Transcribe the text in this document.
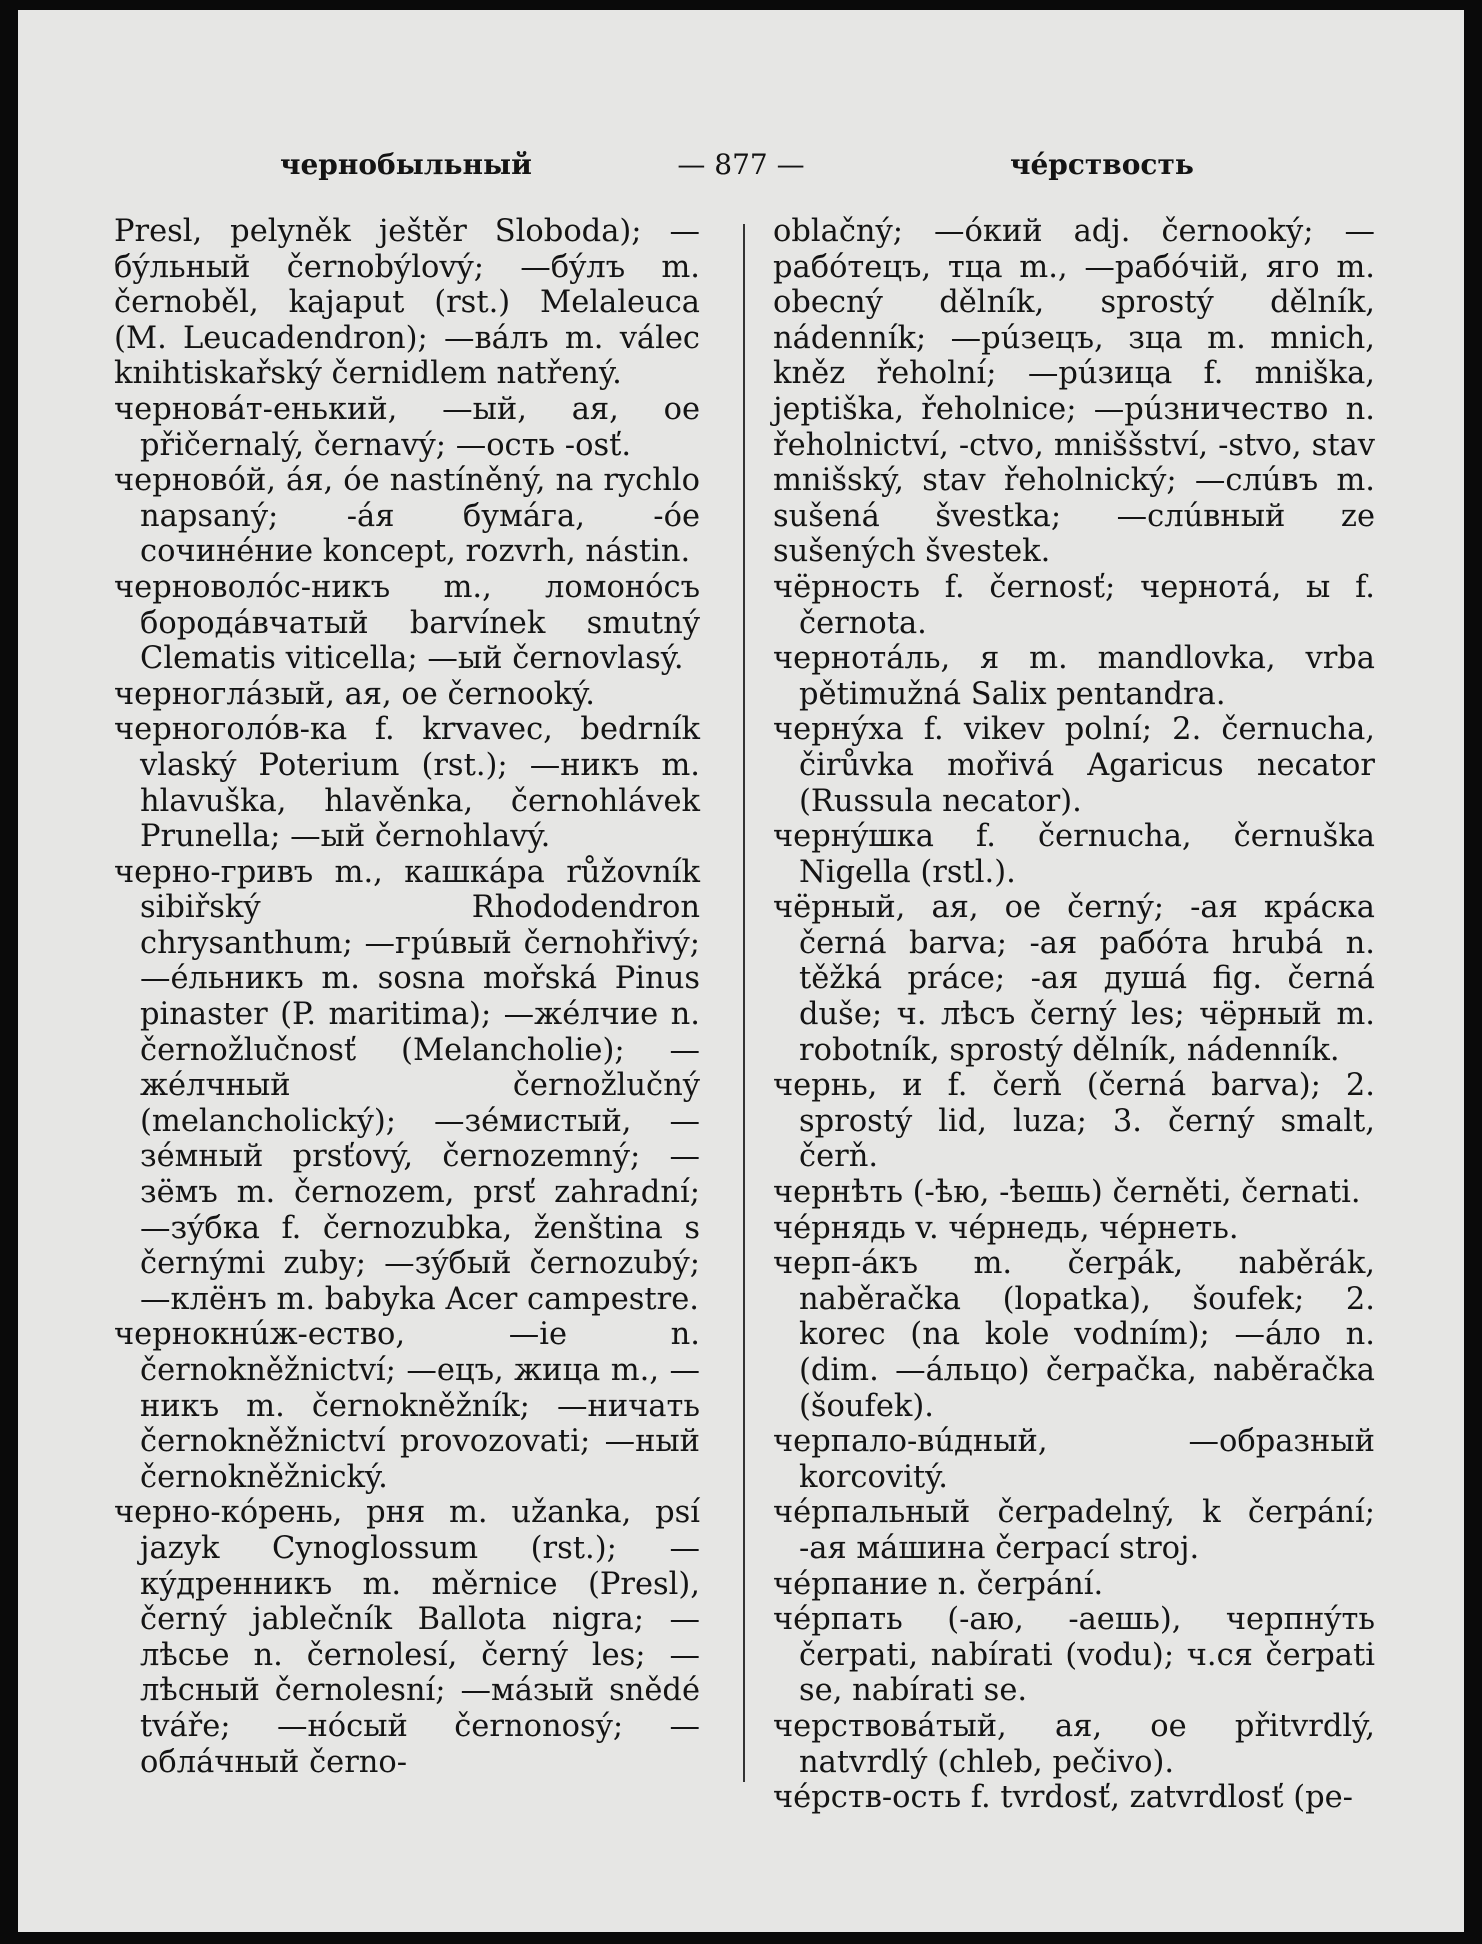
чернобыльный	— 877 —	чéрствость

Presl, pelyněk ještěr Sloboda); —бýльный černobýlový; —бýлъ m. černoběl, kajaput (rst.) Melaleuca (M. Leucadendron); —вáлъ m. válec knihtiskařský černidlem natřený.

черновáт-енький, —ый, ая, ое přičernalý, černavý; —ость -osť.

черновóй, áя, óе nastíněný, na rychlo napsaný; -áя бумáга, -óе сочинéние koncept, rozvrh, nástin.

черноволóс-никъ m., ломонóсъ бородáвчатый barvínek smutný Clematis viticella; —ый černovlasý.

черноглáзый, ая, ое černooký.

черноголóв-ка f. krvavec, bedrník vlaský Poterium (rst.); —никъ m. hlavuška, hlavěnka, černohlávek Prunella; —ый černohlavý.

черно-гривъ m., кашкáра růžovník sibiřský Rhododendron chrysanthum; —грúвый černohřivý; —éльникъ m. sosna mořská Pinus pinaster (P. maritima); —жéлчие n. černožlučnosť (Melancholie); —жéлчный černožlučný (melancholický); —зéмистый, —зéмный prsťový, černozemný; —зёмъ m. černozem, prsť zahradní; —зýбка f. černozubka, ženština s černými zuby; —зýбый černozubý; —клёнъ m. babyka Acer campestre.

чернокнúж-ество, —ie n. černokněžnictví; —ецъ, жица m., —никъ m. černokněžník; —ничать černokněžnictví provozovati; —ный černokněžnický.

черно-кóрень, рня m. užanka, psí jazyk Cynoglossum (rst.); —кýдренникъ m. měrnice (Presl), černý jablečník Ballota nigra; —лѣсье n. černolesí, černý les; —лѣсный černolesní; —мáзый snědé tváře; —нóсый černonosý; —облáчный černo-

oblačný; —óкий adj. černooký; —рабóтецъ, тца m., —рабóчій, яго m. obecný dělník, sprostý dělník, nádenník; —рúзецъ, зца m. mnich, kněz řeholní; —рúзица f. mniška, jeptiška, řeholnice; —рúзничество n. řeholnictví, -ctvo, mniššství, -stvo, stav mnišský, stav řeholnický; —слúвъ m. sušená švestka; —слúвный ze sušených švestek.

чёрность f. černosť; чернотá, ы f. černota.

чернотáль, я m. mandlovka, vrba pětimužná Salix pentandra.

чернýха f. vikev polní; 2. černucha, čirůvka mořivá Agaricus necator (Russula necator).

чернýшка f. černucha, černuška Nigella (rstl.).

чёрный, ая, ое černý; -ая крáска černá barva; -ая рабóта hrubá n. těžká práce; -ая душá fig. černá duše; ч. лѣсъ černý les; чёрный m. robotník, sprostý dělník, nádenník.

чернь, и f. čerň (černá barva); 2. sprostý lid, luza; 3. černý smalt, čerň.

чернѣть (-ѣю, -ѣешь) černěti, černati.

чéрнядь v. чéрнедь, чéрнеть.

черп-áкъ m. čerpák, naběrák, naběračka (lopatka), šoufek; 2. korec (na kole vodním); —áло n. (dim. —áльцо) čerpačka, naběračka (šoufek).

черпало-вúдный, —образный korcovitý.

чéрпальный čerpadelný, k čerpání; -ая мáшина čerpací stroj.

чéрпание n. čerpání.

чéрпать (-аю, -аешь), черпнýть čerpati, nabírati (vodu); ч.ся čerpati se, nabírati se.

черствовáтый, ая, ое přitvrdlý, natvrdlý (chleb, pečivo).

чéрств-ость f. tvrdosť, zatvrdlosť (pe-
